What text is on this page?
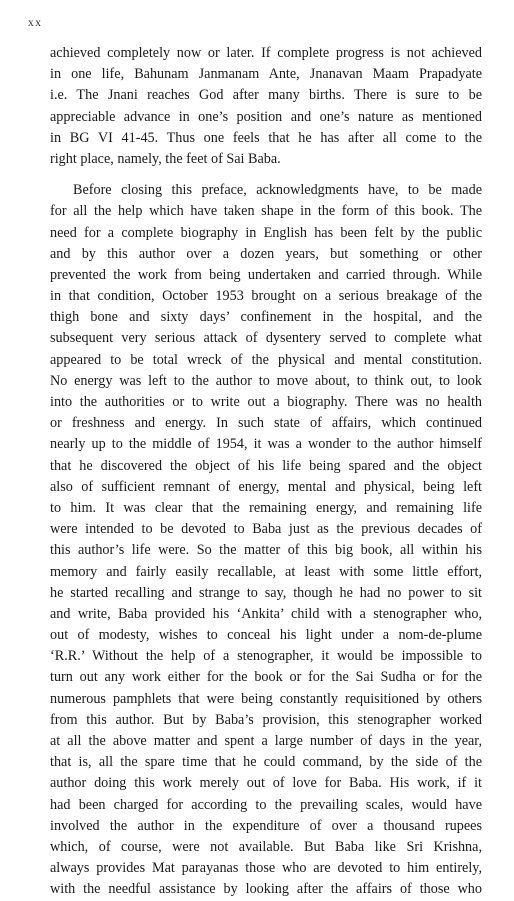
xx
achieved completely now or later. If complete progress is not achieved
in one life, Bahunam Janmanam Ante, Jnanavan Maam Prapadyate
i.e. The Jnani reaches God after many births. There is sure to be
appreciable advance in one’s position and one’s nature as mentioned
in BG VI 41-45. Thus one feels that he has after all come to the
right place, namely, the feet of Sai Baba.
Before closing this preface, acknowledgments have, to be made
for all the help which have taken shape in the form of this book. The
need for a complete biography in English has been felt by the public
and by this author over a dozen years, but something or other
prevented the work from being undertaken and carried through. While
in that condition, October 1953 brought on a serious breakage of the
thigh bone and sixty days’ confinement in the hospital, and the
subsequent very serious attack of dysentery served to complete what
appeared to be total wreck of the physical and mental constitution.
No energy was left to the author to move about, to think out, to look
into the authorities or to write out a biography. There was no health
or freshness and energy. In such state of affairs, which continued
nearly up to the middle of 1954, it was a wonder to the author himself
that he discovered the object of his life being spared and the object
also of sufficient remnant of energy, mental and physical, being left
to him. It was clear that the remaining energy, and remaining life
were intended to be devoted to Baba just as the previous decades of
this author’s life were. So the matter of this big book, all within his
memory and fairly easily recallable, at least with some little effort,
he started recalling and strange to say, though he had no power to sit
and write, Baba provided his ‘Ankita’ child with a stenographer who,
out of modesty, wishes to conceal his light under a nom-de-plume
‘R.R.’ Without the help of a stenographer, it would be impossible to
turn out any work either for the book or for the Sai Sudha or for the
numerous pamphlets that were being constantly requisitioned by others
from this author. But by Baba’s provision, this stenographer worked
at all the above matter and spent a large number of days in the year,
that is, all the spare time that he could command, by the side of the
author doing this work merely out of love for Baba. His work, if it
had been charged for according to the prevailing scales, would have
involved the author in the expenditure of over a thousand rupees
which, of course, were not available. But Baba like Sri Krishna,
always provides Mat parayanas those who are devoted to him entirely,
with the needful assistance by looking after the affairs of those who
